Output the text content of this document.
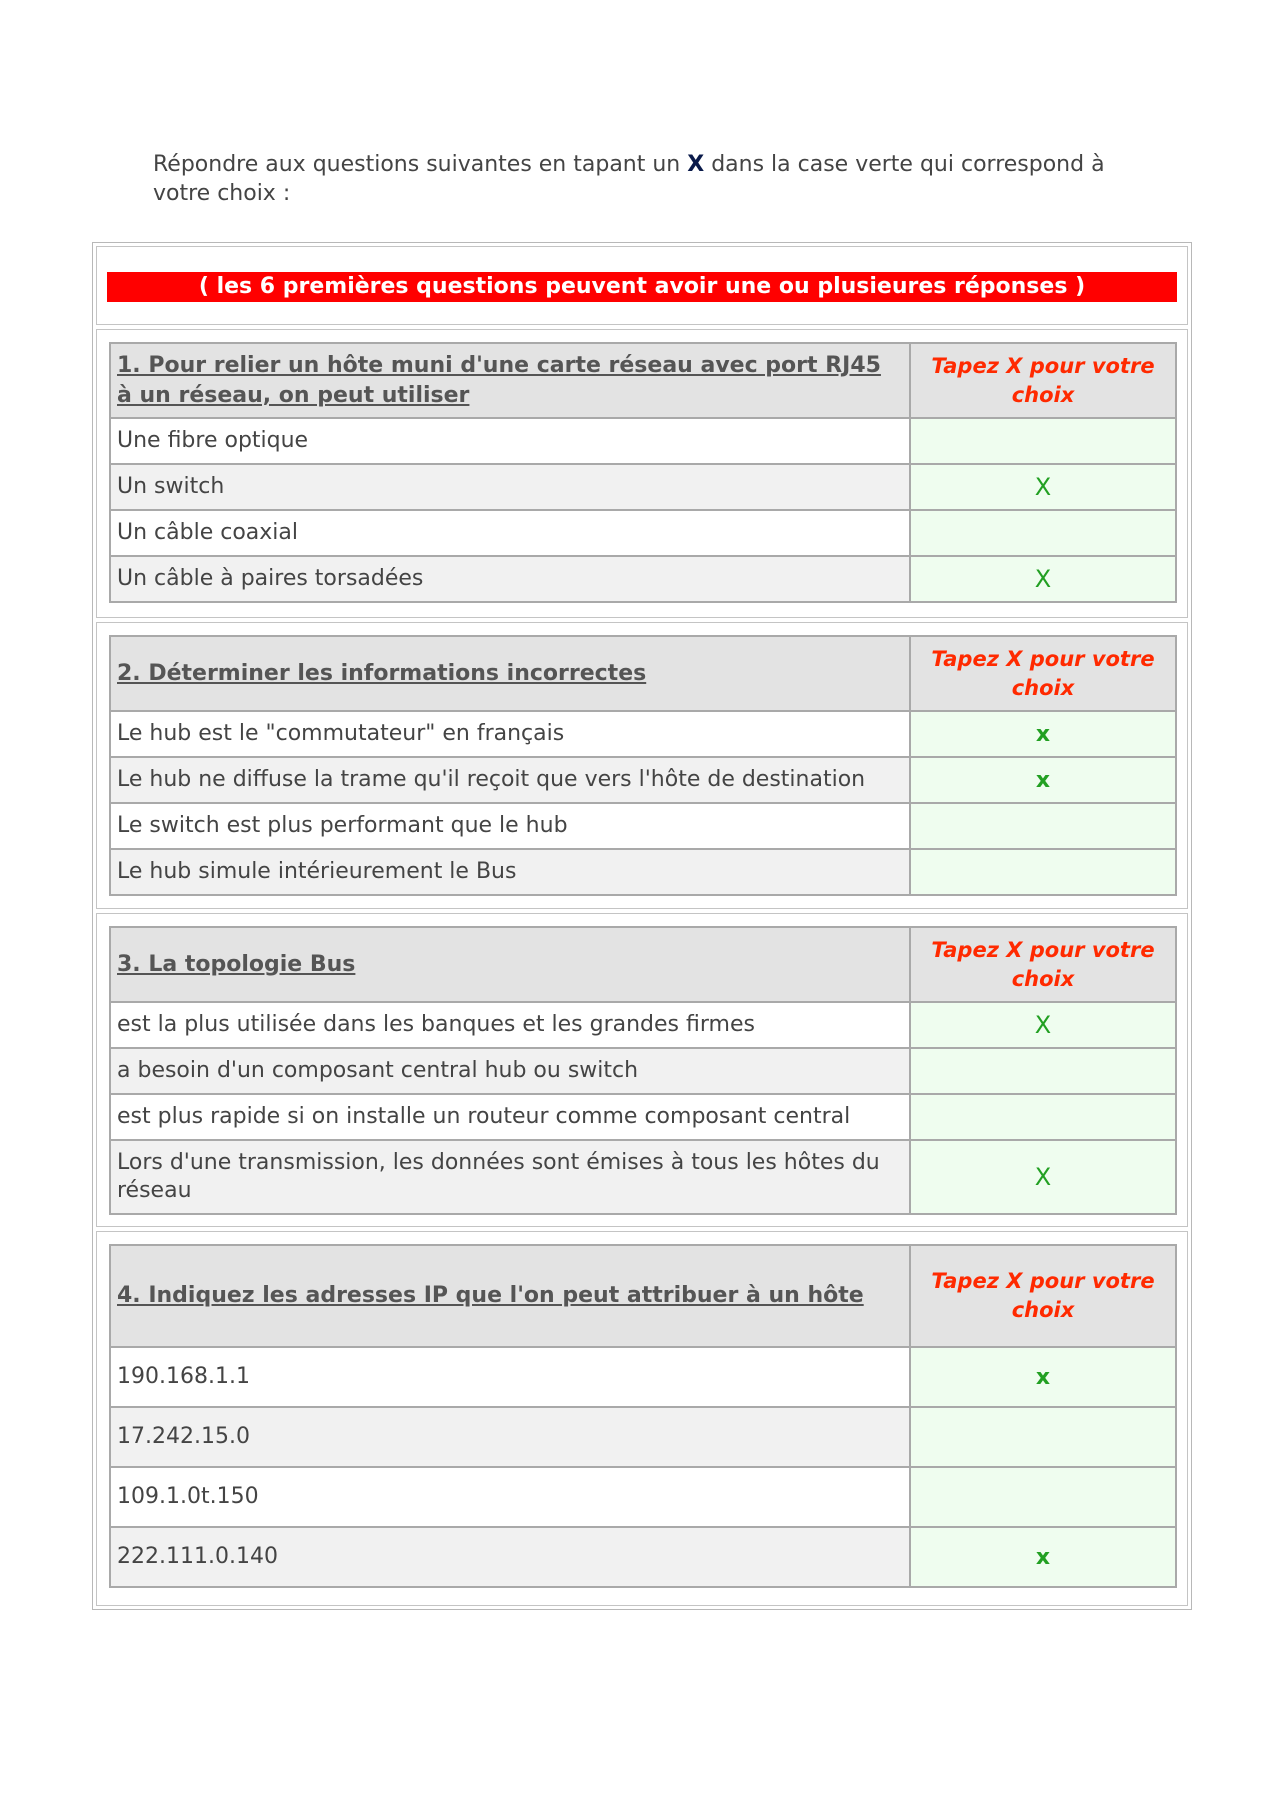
Répondre aux questions suivantes en tapant un X dans la case verte qui correspond à votre choix :
( les 6 premières questions peuvent avoir une ou plusieures réponses )
1. Pour relier un hôte muni d'une carte réseau avec port RJ45 à un réseau, on peut utiliser	Tapez X pour votre choix
Une fibre optique	
Un switch	X
Un câble coaxial	
Un câble à paires torsadées	X
2. Déterminer les informations incorrectes	Tapez X pour votre choix
Le hub est le "commutateur" en français	x
Le hub ne diffuse la trame qu'il reçoit que vers l'hôte de destination	x
Le switch est plus performant que le hub	
Le hub simule intérieurement le Bus	
3. La topologie Bus	Tapez X pour votre choix
est la plus utilisée dans les banques et les grandes firmes	X
a besoin d'un composant central hub ou switch	
est plus rapide si on installe un routeur comme composant central	
Lors d'une transmission, les données sont émises à tous les hôtes du réseau	X
4. Indiquez les adresses IP que l'on peut attribuer à un hôte	Tapez X pour votre choix
190.168.1.1	x
17.242.15.0	
109.1.0t.150	
222.111.0.140	x
